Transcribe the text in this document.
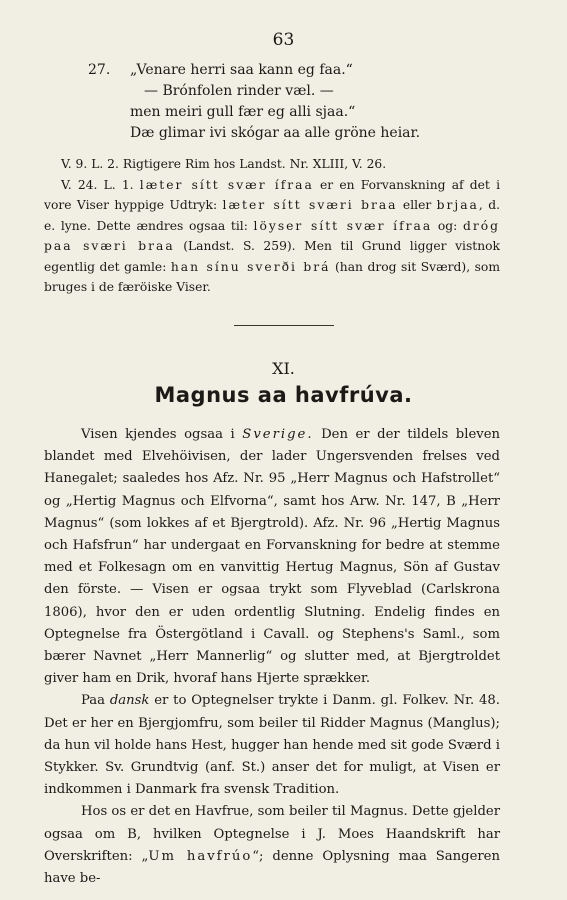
63
27.	„Venare herri saa kann eg faa.“
— Brónfolen rinder væl. —
men meiri gull fær eg alli sjaa.“
Dæ glimar ivi skógar aa alle gröne heiar.

V. 9. L. 2. Rigtigere Rim hos Landst. Nr. XLIII, V. 26.

V. 24. L. 1. læter sítt svær ífraa er en Forvanskning af det i vore Viser hyppige Udtryk: læter sítt sværi braa eller brjaa, d. e. lyne. Dette ændres ogsaa til: löyser sítt svær ífraa og: drόg paa sværi braa (Landst. S. 259). Men til Grund ligger vistnok egentlig det gamle: han sínu sverði brá (han drog sit Sværd), som bruges i de færöiske Viser.

XI.
Magnus aa havfrúva.

Visen kjendes ogsaa i Sverige. Den er der tildels bleven blandet med Elvehöivisen, der lader Ungersvenden frelses ved Hanegalet; saaledes hos Afz. Nr. 95 „Herr Magnus och Hafstrollet“ og „Hertig Magnus och Elfvorna“, samt hos Arw. Nr. 147, B „Herr Magnus“ (som lokkes af et Bjergtrold). Afz. Nr. 96 „Hertig Magnus och Hafsfrun“ har undergaat en Forvanskning for bedre at stemme med et Folkesagn om en vanvittig Hertug Magnus, Sön af Gustav den förste. — Visen er ogsaa trykt som Flyveblad (Carlskrona 1806), hvor den er uden ordentlig Slutning. Endelig findes en Optegnelse fra Östergötland i Cavall. og Stephens's Saml., som bærer Navnet „Herr Mannerlig“ og slutter med, at Bjergtroldet giver ham en Drik, hvoraf hans Hjerte sprækker.

Paa dansk er to Optegnelser trykte i Danm. gl. Folkev. Nr. 48. Det er her en Bjergjomfru, som beiler til Ridder Magnus (Manglus); da hun vil holde hans Hest, hugger han hende med sit gode Sværd i Stykker. Sv. Grundtvig (anf. St.) anser det for muligt, at Visen er indkommen i Danmark fra svensk Tradition.

Hos os er det en Havfrue, som beiler til Magnus. Dette gjelder ogsaa om B, hvilken Optegnelse i J. Moes Haandskrift har Overskriften: „Um havfrúo“; denne Oplysning maa Sangeren have be-
